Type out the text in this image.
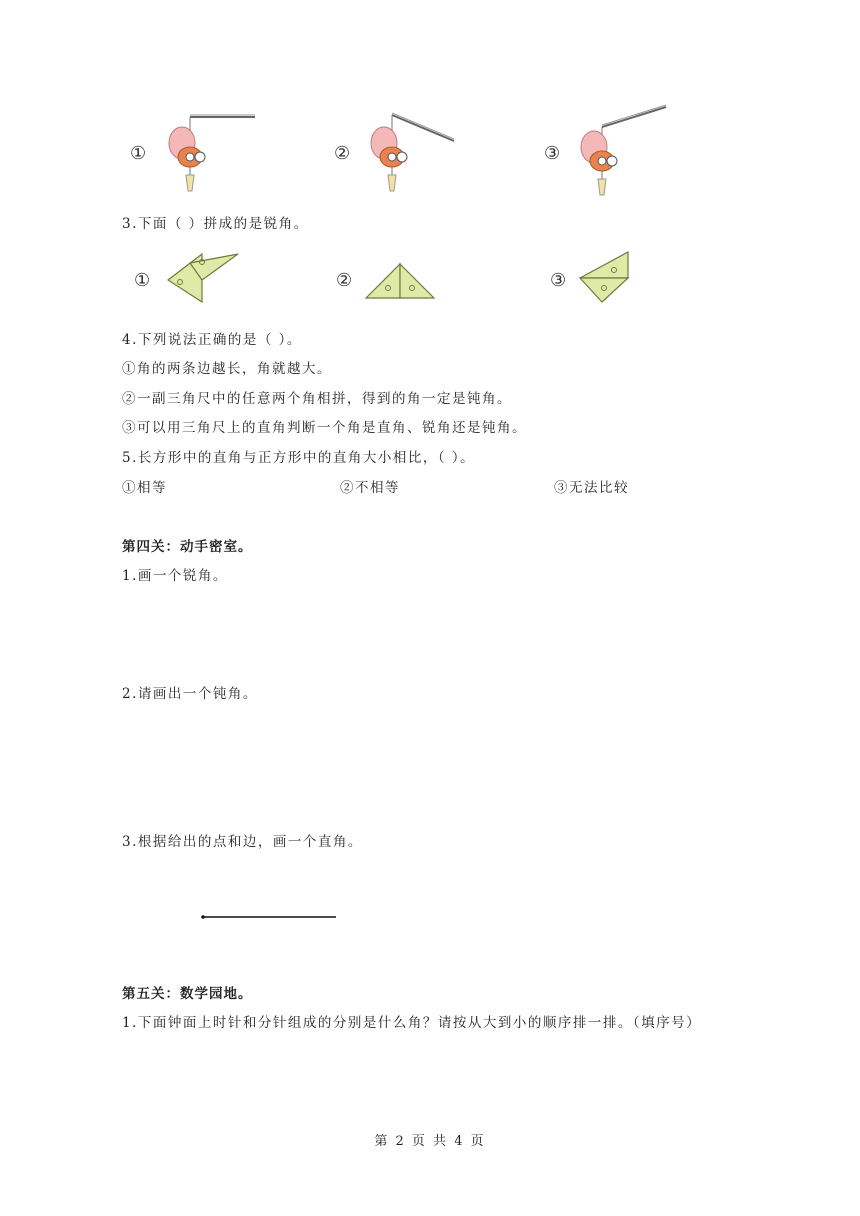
①	②	③
3.下面（ ）拼成的是锐角。
①	②	③
4.下列说法正确的是（ ）。
①角的两条边越长，角就越大。
②一副三角尺中的任意两个角相拼，得到的角一定是钝角。
③可以用三角尺上的直角判断一个角是直角、锐角还是钝角。
5.长方形中的直角与正方形中的直角大小相比，（ ）。
①相等	②不相等	③无法比较
第四关：动手密室。
1.画一个锐角。
2.请画出一个钝角。
3.根据给出的点和边，画一个直角。
第五关：数学园地。
1.下面钟面上时针和分针组成的分别是什么角？请按从大到小的顺序排一排。（填序号）
第 2 页 共 4 页
